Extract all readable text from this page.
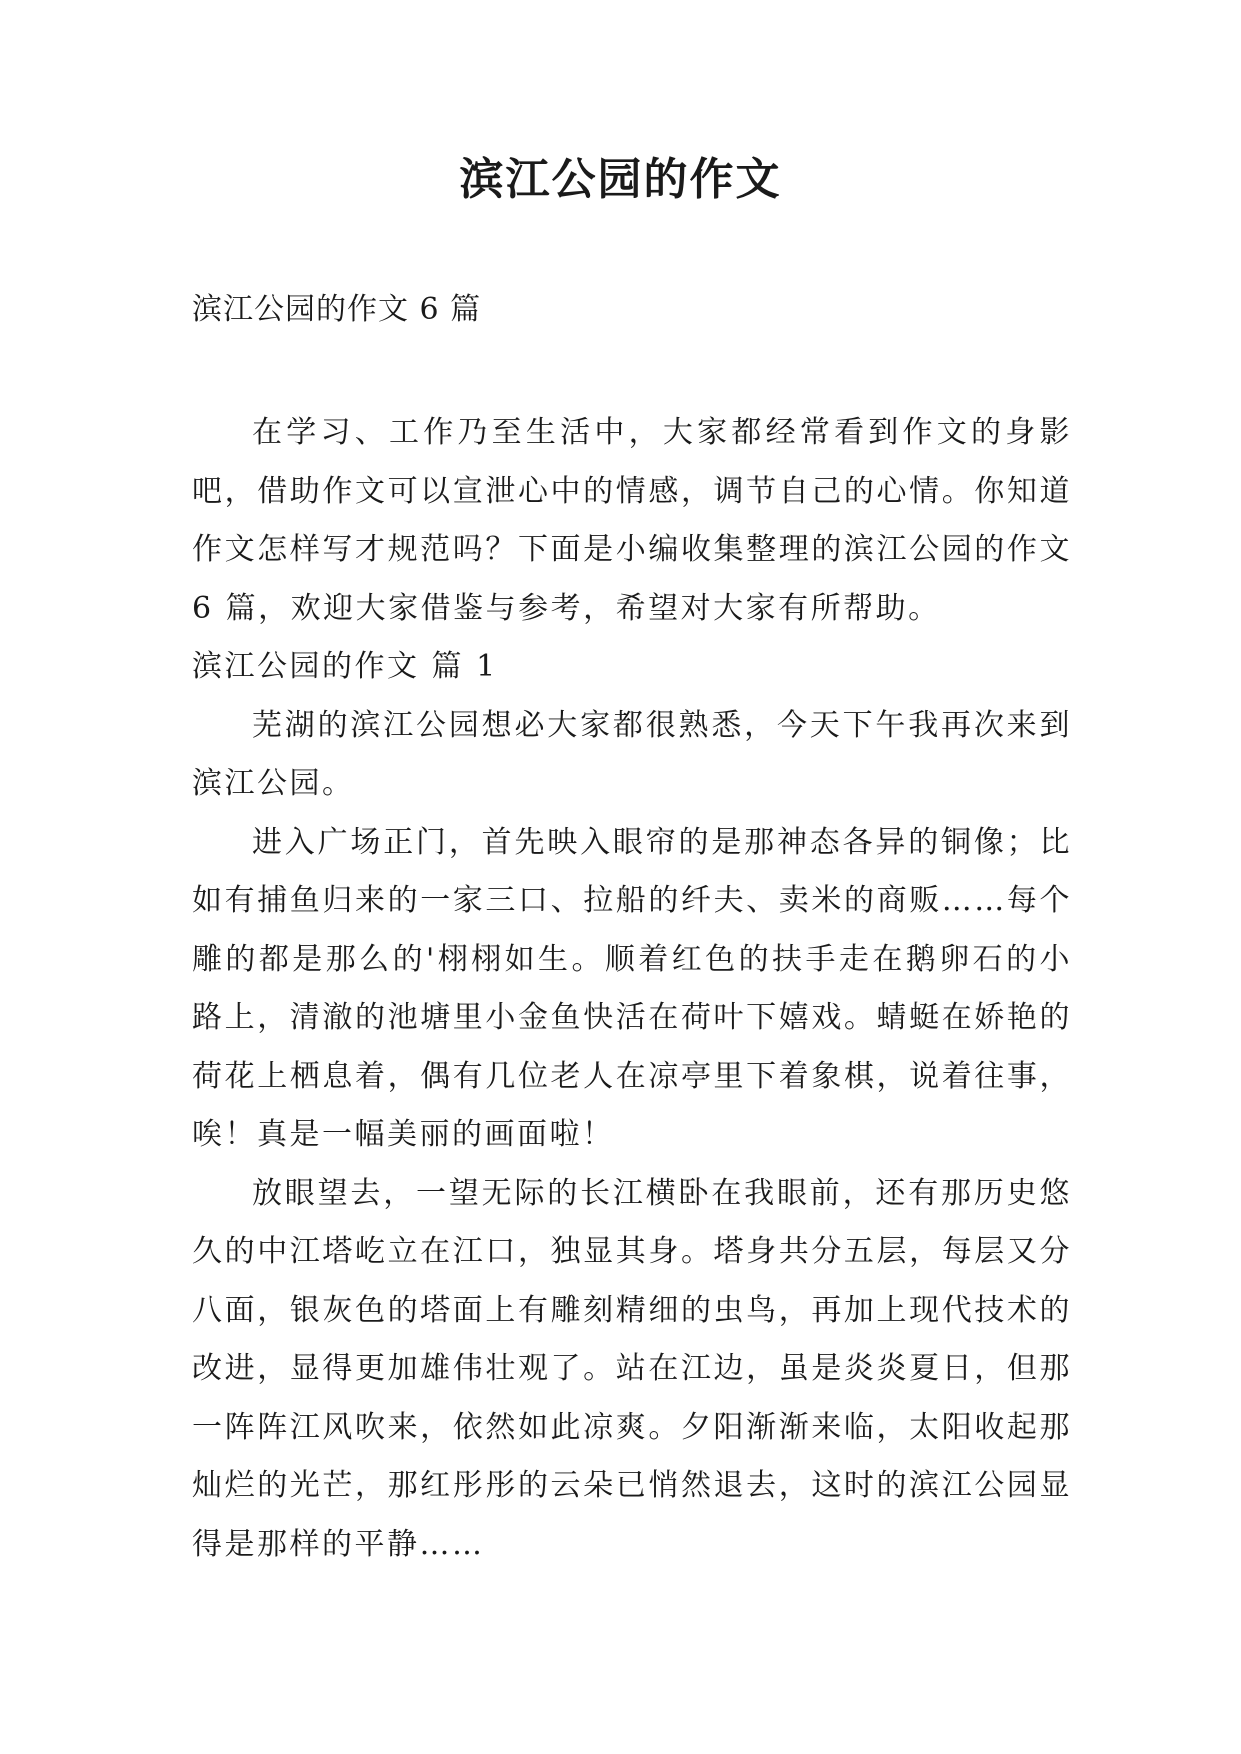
滨江公园的作文

滨江公园的作文 6 篇

在学习、工作乃至生活中，大家都经常看到作文的身影吧，借助作文可以宣泄心中的情感，调节自己的心情。你知道作文怎样写才规范吗？下面是小编收集整理的滨江公园的作文 6 篇，欢迎大家借鉴与参考，希望对大家有所帮助。

滨江公园的作文 篇 1

芜湖的滨江公园想必大家都很熟悉，今天下午我再次来到滨江公园。

进入广场正门，首先映入眼帘的是那神态各异的铜像；比如有捕鱼归来的一家三口、拉船的纤夫、卖米的商贩……每个雕的都是那么的'栩栩如生。顺着红色的扶手走在鹅卵石的小路上，清澈的池塘里小金鱼快活在荷叶下嬉戏。蜻蜓在娇艳的荷花上栖息着，偶有几位老人在凉亭里下着象棋，说着往事，唉！真是一幅美丽的画面啦！

放眼望去，一望无际的长江横卧在我眼前，还有那历史悠久的中江塔屹立在江口，独显其身。塔身共分五层，每层又分八面，银灰色的塔面上有雕刻精细的虫鸟，再加上现代技术的改进，显得更加雄伟壮观了。站在江边，虽是炎炎夏日，但那一阵阵江风吹来，依然如此凉爽。夕阳渐渐来临，太阳收起那灿烂的光芒，那红彤彤的云朵已悄然退去，这时的滨江公园显得是那样的平静……
